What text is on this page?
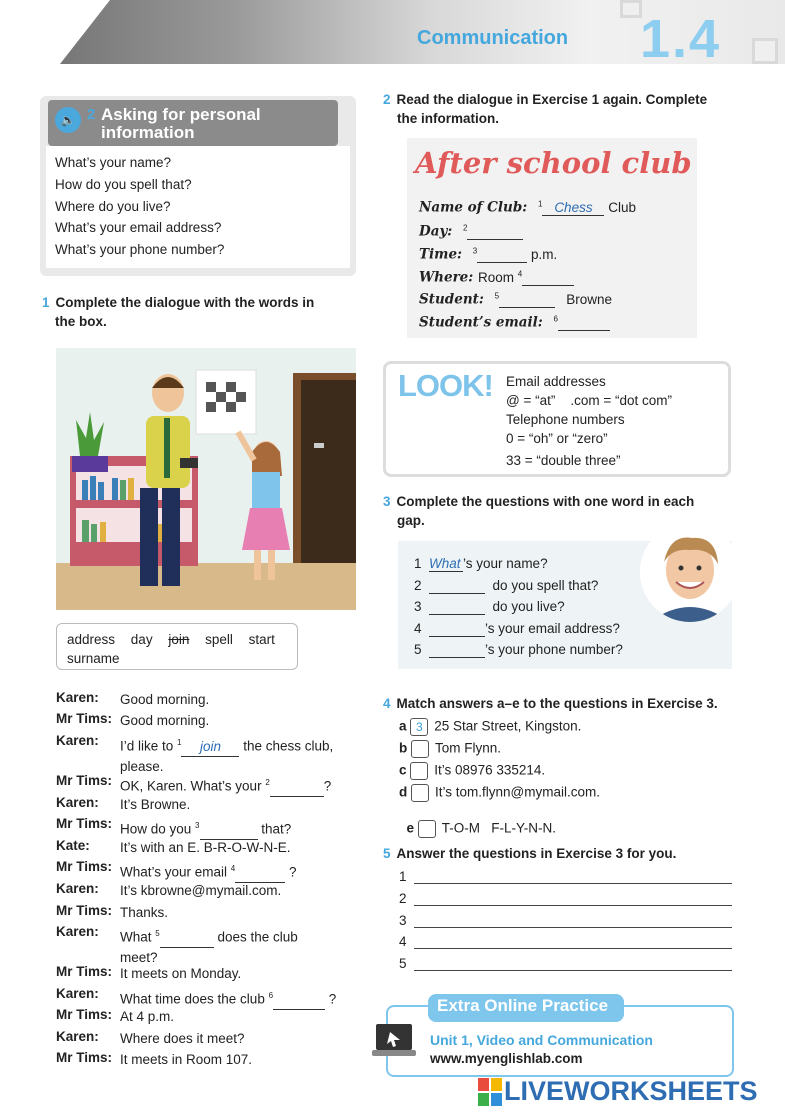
Communication 1.4
🔈 2 Asking for personal
information
What’s your name?
How do you spell that?
Where do you live?
What’s your email address?
What’s your phone number?
1 Complete the dialogue with the words in
the box.
address day join spell start
surname
Karen: Good morning.
Mr Tims: Good morning.
Karen: I’d like to $^1$ join the chess club,
please.
Mr Tims: OK, Karen. What’s your $^2$	?
Karen: It’s Browne.
Mr Tims: How do you $^3$	that?
Kate: It’s with an E. B-R-O-W-N-E.
Mr Tims: What’s your email $^4$	?
Karen: It’s kbrowne@mymail.com.
Mr Tims: Thanks.
Karen: What $^5$	does the club
meet?
Mr Tims: It meets on Monday.
Karen: What time does the club $^6$	?
Mr Tims: At 4 p.m.
Karen: Where does it meet?
Mr Tims: It meets in Room 107.
2 Read the dialogue in Exercise 1 again. Complete
the information.
After school club
Name of Club: $^1$ Chess Club
Day: $^2$
Time: $^3$	p.m.
Where: Room $^4$
Student: $^5$	Browne
Student’s email: $^6$
LOOK! Email addresses
@ = “at”    .com = “dot com”
Telephone numbers
0 = “oh” or “zero”
33 = “double three”
3 Complete the questions with one word in each
gap.
1 What ’s your name?
2	do you spell that?
3	do you live?
4	’s your email address?
5	’s your phone number?
4 Match answers a–e to the questions in Exercise 3.
a 3 25 Star Street, Kingston.
b Tom Flynn.
c It’s 08976 335214.
d It’s tom.flynn@mymail.com.

e T-O-M   F-L-Y-N-N.

5 Answer the questions in Exercise 3 for you.
1
2
3
4
5
Extra Online Practice
Unit 1, Video and Communication
www.myenglishlab.com
LIVEWORKSHEETS
